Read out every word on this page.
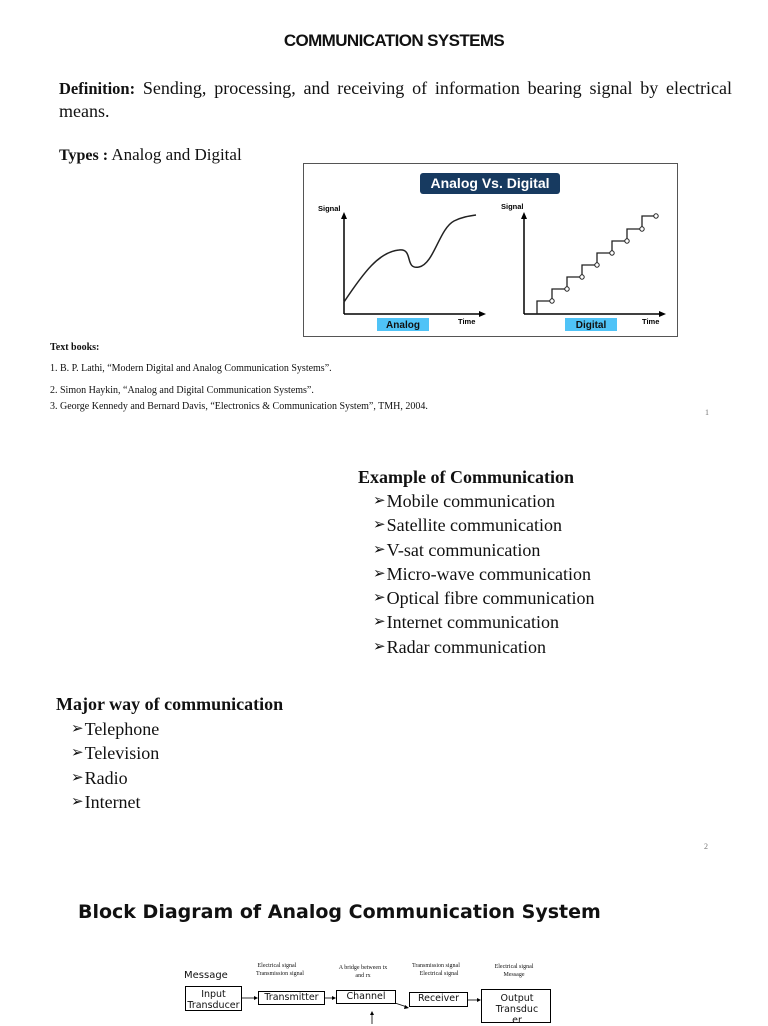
COMMUNICATION SYSTEMS
Definition: Sending, processing, and receiving of information bearing signal by electrical means.
Types : Analog and Digital
Analog Vs. Digital
Signal
Time
Analog
Signal
Time
Digital
Text books:
1. B. P. Lathi, “Modern Digital and Analog Communication Systems”.
2. Simon Haykin, “Analog and Digital Communication Systems”.
3. George Kennedy and Bernard Davis, “Electronics & Communication System”, TMH, 2004.
1
Example of Communication
➢Mobile communication
➢Satellite communication
➢V-sat communication
➢Micro-wave communication
➢Optical fibre communication
➢Internet communication
➢Radar communication
Major way of communication
➢Telephone
➢Television
➢Radio
➢Internet
2
Block Diagram of Analog Communication System
Message
Electrical signal   Transmission signal
A bridge between tx and rx
Transmission signal   Electrical signal
Electrical signal Message
Input Transducer
Transmitter	Channel	Receiver	Output Transduc er
